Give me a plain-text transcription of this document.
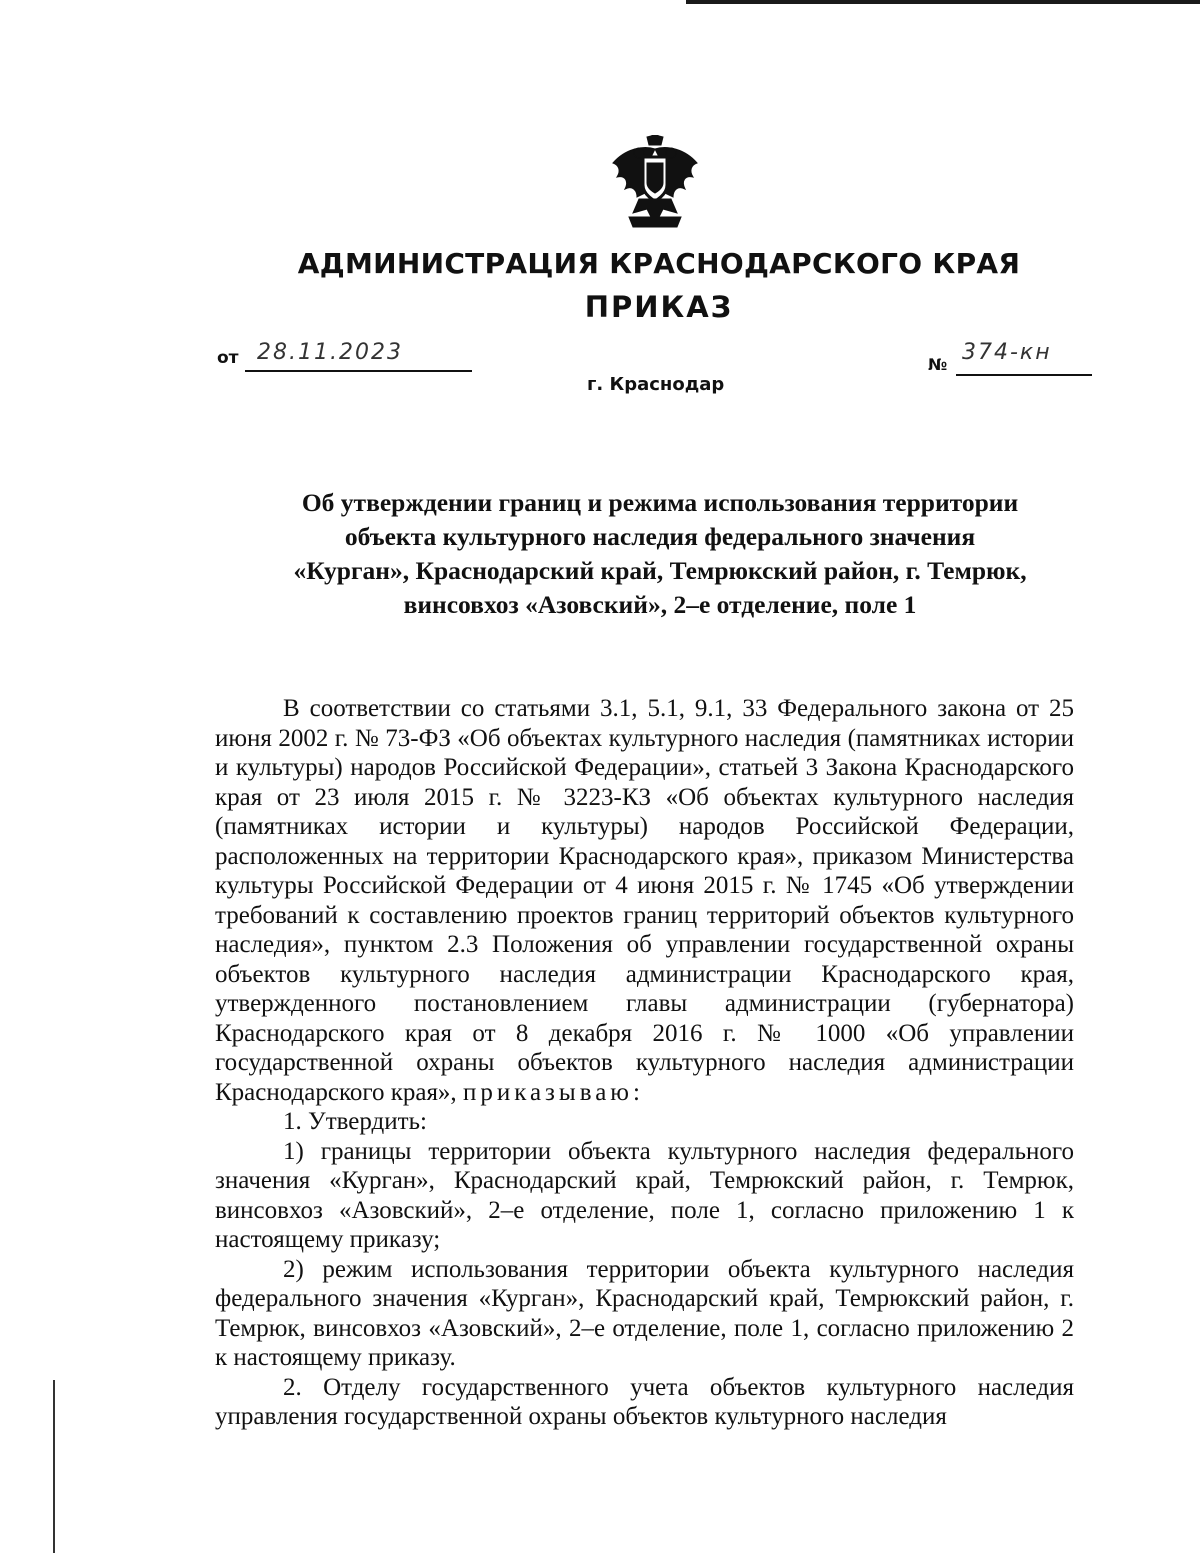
АДМИНИСТРАЦИЯ КРАСНОДАРСКОГО КРАЯ
ПРИКАЗ
от 28.11.2023
г. Краснодар
№ 374-кн
Об утверждении границ и режима использования территории
объекта культурного наследия федерального значения
«Курган», Краснодарский край, Темрюкский район, г. Темрюк,
винсовхоз «Азовский», 2–е отделение, поле 1

В соответствии со статьями 3.1, 5.1, 9.1, 33 Федерального закона от 25 июня 2002 г. № 73-ФЗ «Об объектах культурного наследия (памятниках истории и культуры) народов Российской Федерации», статьей 3 Закона Краснодарского края от 23 июля 2015 г. № 3223-КЗ «Об объектах культурного наследия (памятниках истории и культуры) народов Российской Федерации, расположенных на территории Краснодарского края», приказом Министерства культуры Российской Федерации от 4 июня 2015 г. № 1745 «Об утверждении требований к составлению проектов границ территорий объектов культурного наследия», пунктом 2.3 Положения об управлении государственной охраны объектов культурного наследия администрации Краснодарского края, утвержденного постановлением главы администрации (губернатора) Краснодарского края от 8 декабря 2016 г. № 1000 «Об управлении государственной охраны объектов культурного наследия администрации Краснодарского края», приказываю:

1. Утвердить:

1) границы территории объекта культурного наследия федерального значения «Курган», Краснодарский край, Темрюкский район, г. Темрюк, винсовхоз «Азовский», 2–е отделение, поле 1, согласно приложению 1 к настоящему приказу;

2) режим использования территории объекта культурного наследия федерального значения «Курган», Краснодарский край, Темрюкский район, г. Темрюк, винсовхоз «Азовский», 2–е отделение, поле 1, согласно приложению 2 к настоящему приказу.

2. Отделу государственного учета объектов культурного наследия управления государственной охраны объектов культурного наследия
